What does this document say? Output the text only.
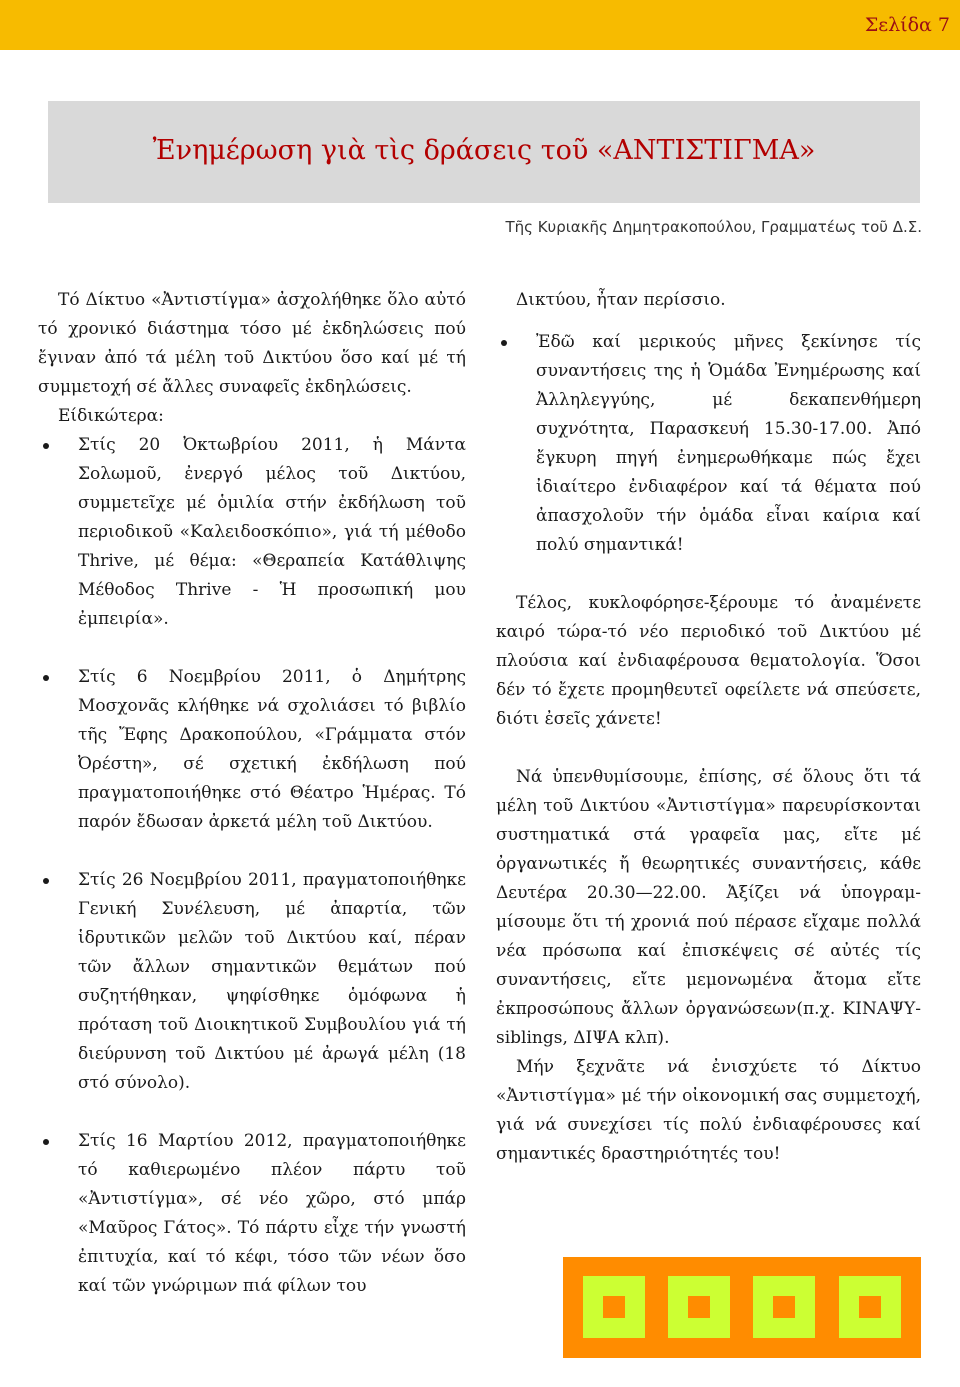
Σελίδα 7
Ἐνημέρωση γιὰ τὶς δράσεις τοῦ «ΑΝΤΙΣΤΙΓΜΑ»
Τῆς Κυριακῆς Δημητρακοπούλου, Γραμματέως τοῦ Δ.Σ.

Τό Δίκτυο «Ἀντιστίγμα» ἀσχολήθηκε ὅλο αὐτό τό χρονικό διάστημα τόσο μέ ἐκδηλώσεις πού ἔγιναν ἀπό τά μέλη τοῦ Δικτύου ὅσο καί μέ τή συμμετοχή σέ ἄλλες συναφεῖς ἐκδηλώσεις.

Είδικώτερα:

Στίς 20 Ὀκτωβρίου 2011, ἡ Μάντα Σολωμοῦ, ἐνεργό μέλος τοῦ Δικτύου, συμμετεῖχε μέ ὁμιλία στήν ἐκδήλωση τοῦ περιοδικοῦ «Καλειδοσκόπιο», γιά τή μέθοδο Thrive, μέ θέμα: «Θεραπεία Κατάθλιψης Μέθοδος Thrive - Ἡ προσωπική μου ἐμπειρία».
Στίς 6 Νοεμβρίου 2011, ὁ Δημήτρης Μοσχονᾶς κλήθηκε νά σχολιάσει τό βιβλίο τῆς Ἔφης Δρακοπούλου, «Γράμματα στόν Ὀρέστη», σέ σχετική ἐκδήλωση πού πραγματοποιήθηκε στό Θέατρο Ἡμέρας. Τό παρόν ἔδωσαν ἀρκετά μέλη τοῦ Δικτύου.
Στίς 26 Νοεμβρίου 2011, πραγματοποιήθηκε Γενική Συνέλευση, μέ ἀπαρτία, τῶν ἱδρυτικῶν μελῶν τοῦ Δικτύου καί, πέραν τῶν ἄλλων σημαντικῶν θεμάτων πού συζητήθηκαν, ψηφίσθηκε ὁμόφωνα ἡ πρόταση τοῦ Διοικητικοῦ Συμβουλίου γιά τή διεύρυνση τοῦ Δικτύου μέ ἀρωγά μέλη (18 στό σύνολο).
Στίς 16 Μαρτίου 2012, πραγματοποιήθηκε τό καθιερωμένο πλέον πάρτυ τοῦ «Ἀντιστίγμα», σέ νέο χῶρο, στό μπάρ «Μαῦρος Γάτος». Τό πάρτυ εἶχε τήν γνωστή ἐπιτυχία, καί τό κέφι, τόσο τῶν νέων ὅσο καί τῶν γνώριμων πιά φίλων του

Δικτύου, ἦταν περίσσιο.

Ἐδῶ καί μερικούς μῆνες ξεκίνησε τίς συναντήσεις της ἡ Ὁμάδα Ἐνημέρωσης καί Ἀλληλεγγύης, μέ δεκαπενθήμερη συχνότητα, Παρασκευή 15.30-17.00. Ἀπό ἔγκυρη πηγή ἐνημερωθήκαμε πώς ἔχει ἰδιαίτερο ἐνδιαφέρον καί τά θέματα πού ἀπασχολοῦν τήν ὁμάδα εἶναι καίρια καί πολύ σημαντικά!

Τέλος, κυκλοφόρησε-ξέρουμε τό ἀναμένετε καιρό τώρα-τό νέο περιοδικό τοῦ Δικτύου μέ πλούσια καί ἐνδιαφέρουσα θεματολογία. Ὅσοι δέν τό ἔχετε προμηθευτεῖ οφείλετε νά σπεύσετε, διότι ἐσεῖς χάνετε!

Νά ὑπενθυμίσουμε, ἐπίσης, σέ ὅλους ὅτι τά μέλη τοῦ Δικτύου «Ἀντιστίγμα» παρευρίσκονται συστηματικά στά γραφεῖα μας, εἴτε μέ ὀργανωτικές ἤ θεωρητικές συναντήσεις, κάθε Δευτέρα 20.30—22.00. Ἀξίζει νά ὑπογραμ-μίσουμε ὅτι τή χρονιά πού πέρασε εἴχαμε πολλά νέα πρόσωπα καί ἐπισκέψεις σέ αὐτές τίς συναντήσεις, εἴτε μεμονωμένα ἄτομα εἴτε ἐκπροσώπους ἄλλων ὀργανώσεων(π.χ. ΚΙΝΑΨΥ-siblings, ΔΙΨΑ κλπ).

Μήν ξεχνᾶτε νά ἐνισχύετε τό Δίκτυο «Ἀντιστίγμα» μέ τήν οἰκονομική σας συμμετοχή, γιά νά συνεχίσει τίς πολύ ἐνδιαφέρουσες καί σημαντικές δραστηριότητές του!
